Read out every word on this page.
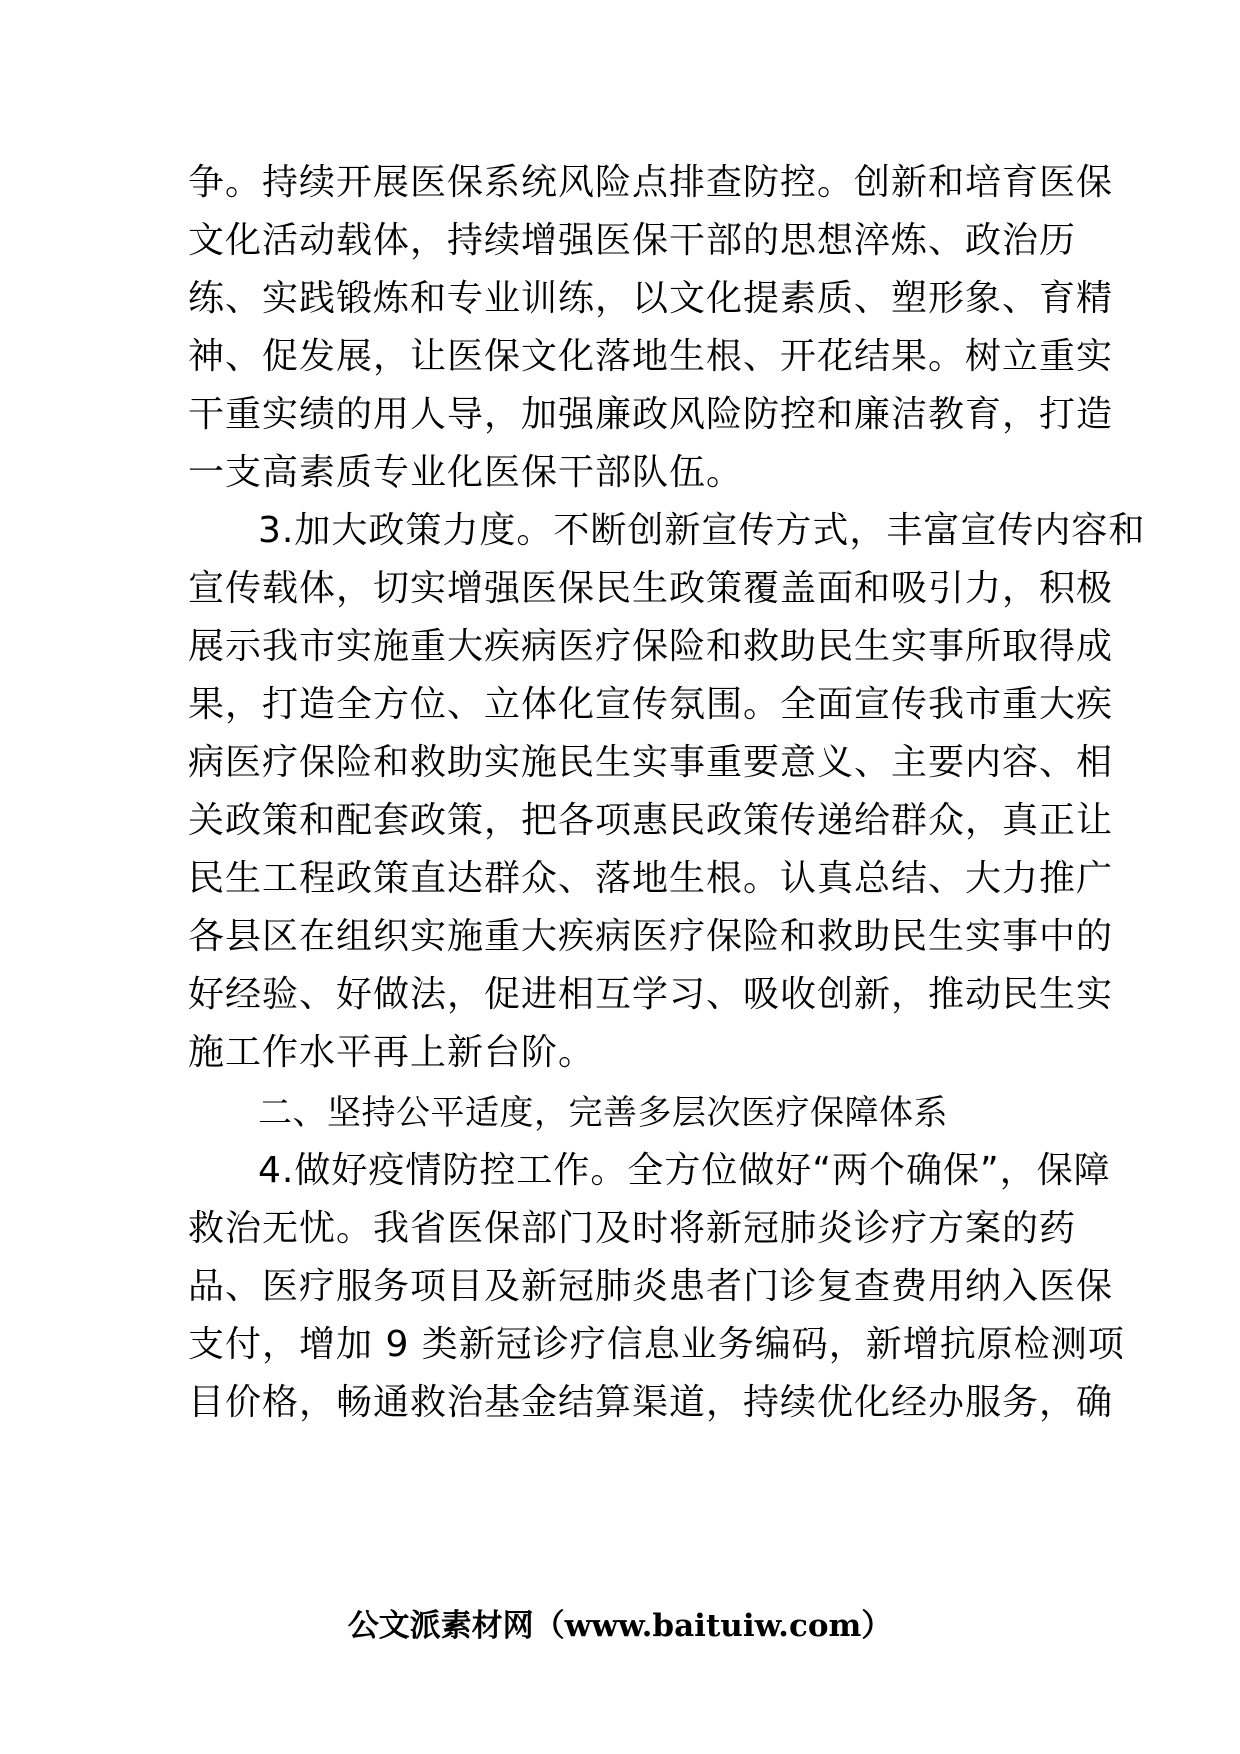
争。持续开展医保系统风险点排查防控。创新和培育医保
文化活动载体，持续增强医保干部的思想淬炼、政治历
练、实践锻炼和专业训练，以文化提素质、塑形象、育精
神、促发展，让医保文化落地生根、开花结果。树立重实
干重实绩的用人导，加强廉政风险防控和廉洁教育，打造
一支高素质专业化医保干部队伍。
3.加大政策力度。不断创新宣传方式，丰富宣传内容和
宣传载体，切实增强医保民生政策覆盖面和吸引力，积极
展示我市实施重大疾病医疗保险和救助民生实事所取得成
果，打造全方位、立体化宣传氛围。全面宣传我市重大疾
病医疗保险和救助实施民生实事重要意义、主要内容、相
关政策和配套政策，把各项惠民政策传递给群众，真正让
民生工程政策直达群众、落地生根。认真总结、大力推广
各县区在组织实施重大疾病医疗保险和救助民生实事中的
好经验、好做法，促进相互学习、吸收创新，推动民生实
施工作水平再上新台阶。
二、坚持公平适度，完善多层次医疗保障体系
4.做好疫情防控工作。全方位做好“两个确保”，保障
救治无忧。我省医保部门及时将新冠肺炎诊疗方案的药
品、医疗服务项目及新冠肺炎患者门诊复查费用纳入医保
支付，增加 9 类新冠诊疗信息业务编码，新增抗原检测项
目价格，畅通救治基金结算渠道，持续优化经办服务，确
公文派素材网（www.baituiw.com）
